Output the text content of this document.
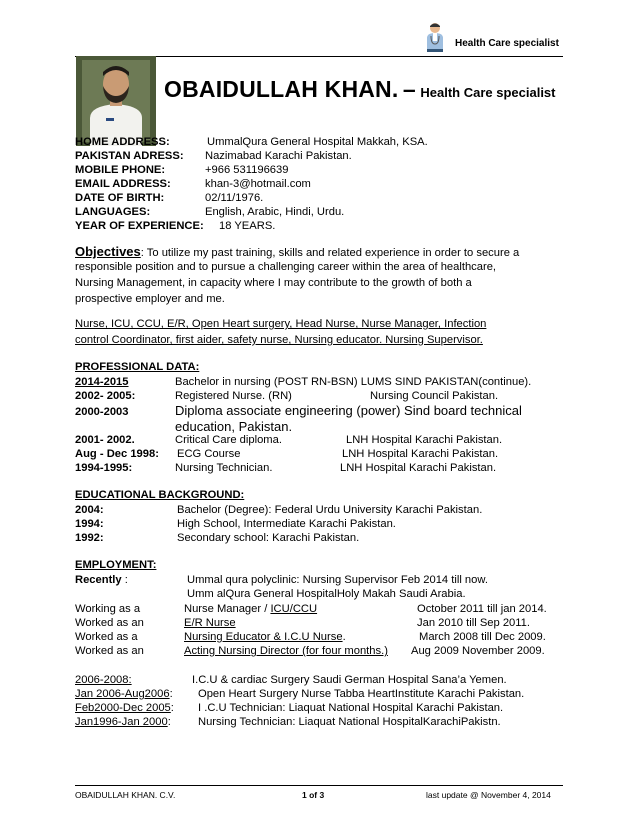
Health Care specialist
OBAIDULLAH KHAN. – Health Care specialist
HOME ADDRESS:	UmmalQura General Hospital Makkah, KSA.
PAKISTAN ADRESS: Nazimabad Karachi Pakistan.
MOBILE PHONE:	+966 531196639
EMAIL ADDRESS:	khan-3@hotmail.com
DATE OF BIRTH:	02/11/1976.
LANGUAGES:	English, Arabic, Hindi, Urdu.
YEAR OF EXPERIENCE: 18 YEARS.
Objectives: To utilize my past training, skills and related experience in order to secure a
responsible position and to pursue a challenging career within the area of healthcare,
Nursing Management, in capacity where I may contribute to the growth of both a
prospective employer and me.
Nurse, ICU, CCU, E/R, Open Heart surgery, Head Nurse, Nurse Manager, Infection
control Coordinator, first aider, safety nurse, Nursing educator. Nursing Supervisor.
PROFESSIONAL DATA:
2014-2015	Bachelor in nursing (POST RN-BSN) LUMS SIND PAKISTAN(continue).
2002- 2005:	Registered Nurse. (RN)	Nursing Council Pakistan.
2000-2003	Diploma associate engineering (power) Sind board technical
education, Pakistan.
2001- 2002.	Critical Care diploma.	LNH Hospital Karachi Pakistan.
Aug - Dec 1998: ECG Course	LNH Hospital Karachi Pakistan.
1994-1995:	Nursing Technician.	LNH Hospital Karachi Pakistan.
EDUCATIONAL BACKGROUND:
2004:	Bachelor (Degree): Federal Urdu University Karachi Pakistan.
1994:	High School, Intermediate Karachi Pakistan.
1992:	Secondary school: Karachi Pakistan.
EMPLOYMENT:
Recently :	Ummal qura polyclinic: Nursing Supervisor Feb 2014 till now.
Umm alQura General HospitalHoly Makah Saudi Arabia.
Working as a	Nurse Manager / ICU/CCU	October 2011 till jan 2014.
Worked as an	E/R Nurse	Jan 2010 till Sep 2011.
Worked as a	Nursing Educator & I.C.U Nurse.	March 2008 till Dec 2009.
Worked as an	Acting Nursing Director (for four months.) Aug 2009 November 2009.
2006-2008:	I.C.U & cardiac Surgery Saudi German Hospital Sana’a Yemen.
Jan 2006-Aug2006: Open Heart Surgery Nurse Tabba HeartInstitute Karachi Pakistan.
Feb2000-Dec 2005: I .C.U Technician: Liaquat National Hospital Karachi Pakistan.
Jan1996-Jan 2000: Nursing Technician: Liaquat National HospitalKarachiPakistn.
OBAIDULLAH KHAN. C.V.	1 of 3	last update @ November 4, 2014
